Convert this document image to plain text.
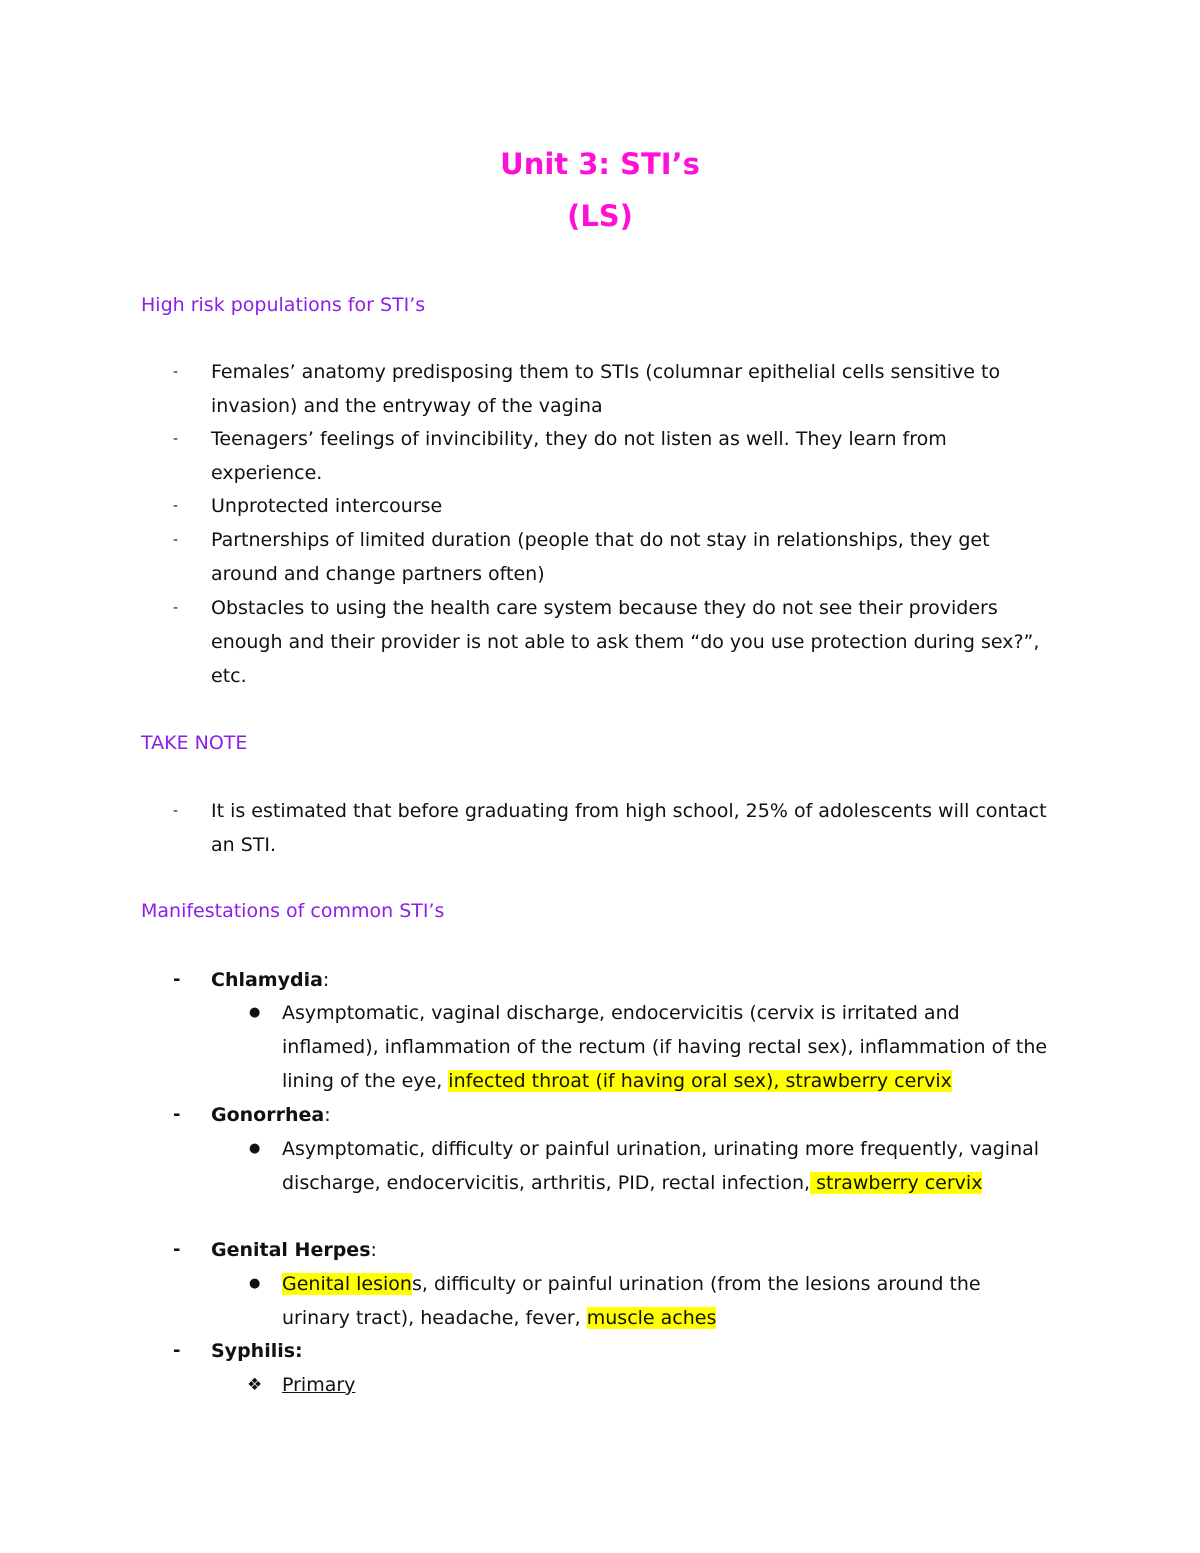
Unit 3: STI’s
(LS)
High risk populations for STI’s
-	Females’ anatomy predisposing them to STIs (columnar epithelial cells sensitive to invasion) and the entryway of the vagina
-	Teenagers’ feelings of invincibility, they do not listen as well. They learn from experience.
-	Unprotected intercourse
-	Partnerships of limited duration (people that do not stay in relationships, they get around and change partners often)
-	Obstacles to using the health care system because they do not see their providers enough and their provider is not able to ask them “do you use protection during sex?”, etc.
TAKE NOTE
-	It is estimated that before graduating from high school, 25% of adolescents will contact an STI.
Manifestations of common STI’s
-	Chlamydia:
● Asymptomatic, vaginal discharge, endocervicitis (cervix is irritated and inflamed), inflammation of the rectum (if having rectal sex), inflammation of the lining of the eye, infected throat (if having oral sex), strawberry cervix
-	Gonorrhea:
● Asymptomatic, difficulty or painful urination, urinating more frequently, vaginal discharge, endocervicitis, arthritis, PID, rectal infection, strawberry cervix
-	Genital Herpes:
● Genital lesions, difficulty or painful urination (from the lesions around the urinary tract), headache, fever, muscle aches
-	Syphilis:
❖ Primary
